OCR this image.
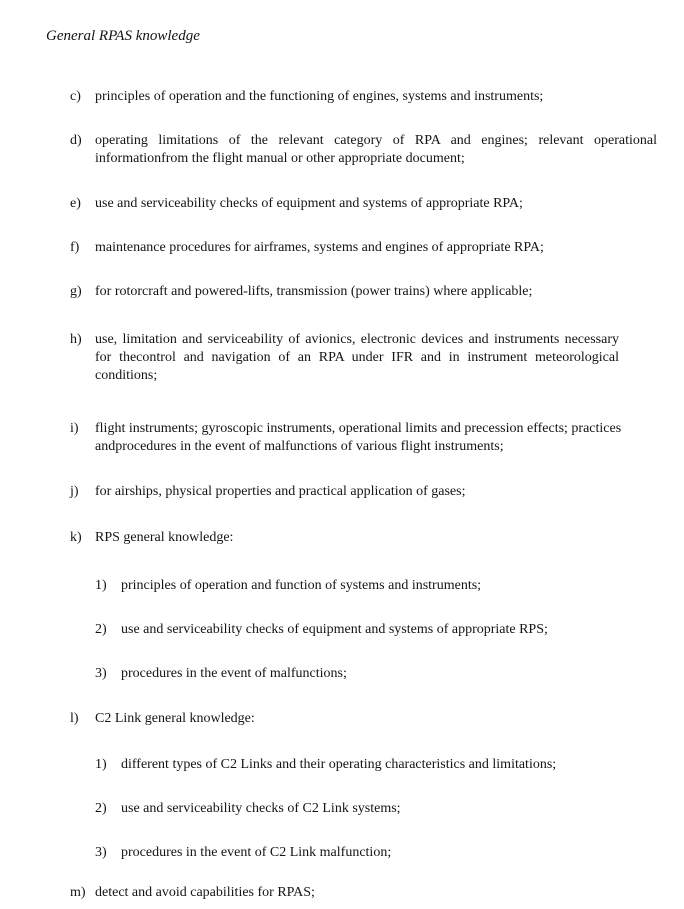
General RPAS knowledge
c)	principles of operation and the functioning of engines, systems and instruments;
d) operating limitations of the relevant category of RPA and engines; relevant operational informationfrom the flight manual or other appropriate document;
e)	use and serviceability checks of equipment and systems of appropriate RPA;
f)	maintenance procedures for airframes, systems and engines of appropriate RPA;
g) for rotorcraft and powered-lifts, transmission (power trains) where applicable;
h) use, limitation and serviceability of avionics, electronic devices and instruments necessary for thecontrol and navigation of an RPA under IFR and in instrument meteorological conditions;
i)	flight instruments; gyroscopic instruments, operational limits and precession effects; practices andprocedures in the event of malfunctions of various flight instruments;
j)	for airships, physical properties and practical application of gases;
k) RPS general knowledge:
1)	principles of operation and function of systems and instruments;
2)	use and serviceability checks of equipment and systems of appropriate RPS;
3)	procedures in the event of malfunctions;
l)	C2 Link general knowledge:
1)	different types of C2 Links and their operating characteristics and limitations;
2)	use and serviceability checks of C2 Link systems;
3)	procedures in the event of C2 Link malfunction;
m) detect and avoid capabilities for RPAS;
